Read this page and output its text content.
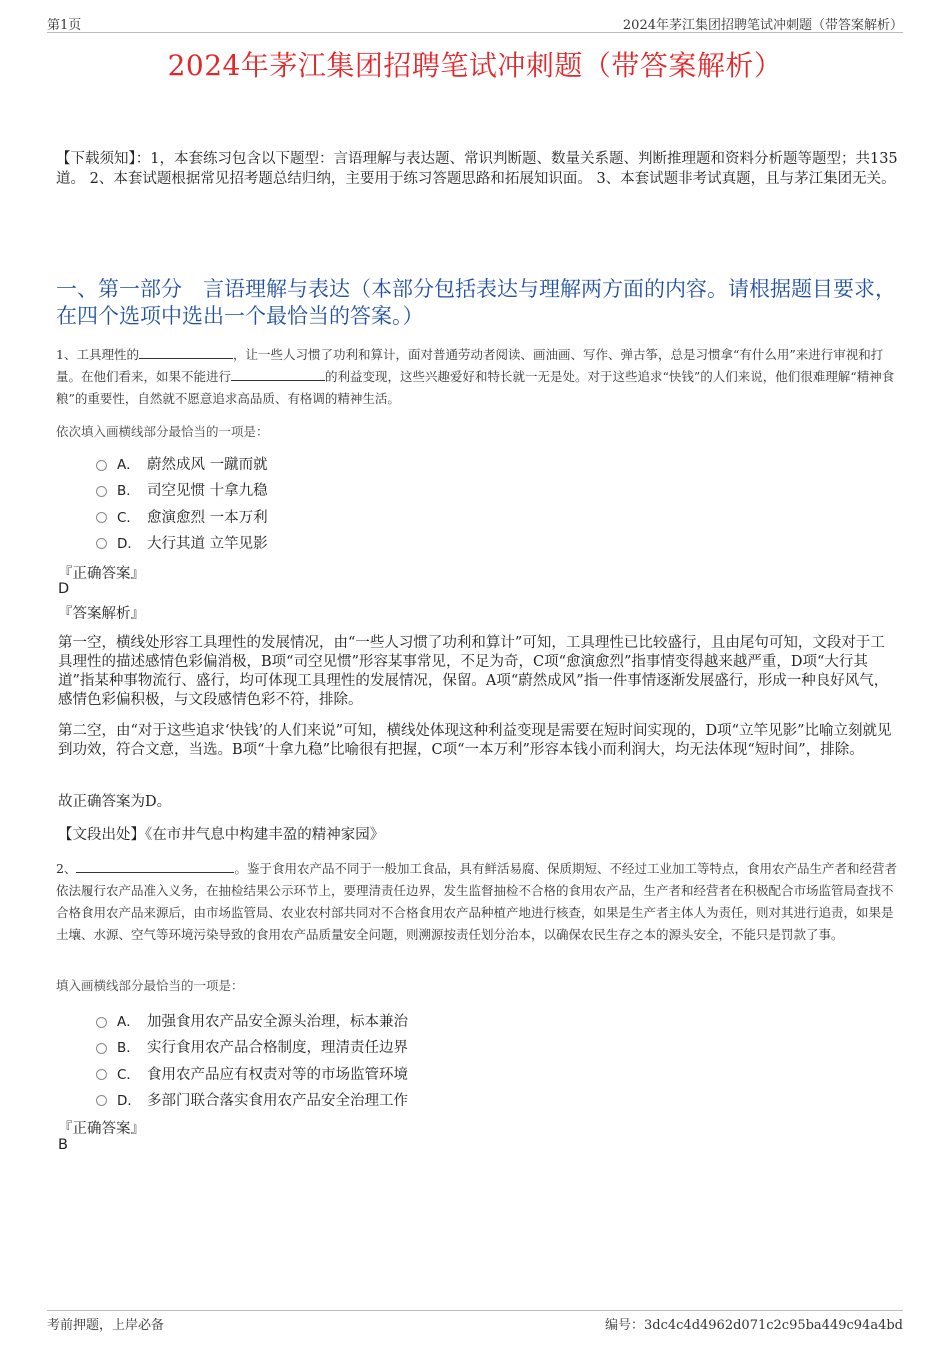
第1页	2024年茅江集团招聘笔试冲刺题（带答案解析）
2024年茅江集团招聘笔试冲刺题（带答案解析）
【下载须知】：1，本套练习包含以下题型：言语理解与表达题、常识判断题、数量关系题、判断推理题和资料分析题等题型；共135道。 2、本套试题根据常见招考题总结归纳，主要用于练习答题思路和拓展知识面。 3、本套试题非考试真题，且与茅江集团无关。
一、第一部分　言语理解与表达（本部分包括表达与理解两方面的内容。请根据题目要求，在四个选项中选出一个最恰当的答案。）
1、工具理性的	，让一些人习惯了功利和算计，面对普通劳动者阅读、画油画、写作、弹古筝，总是习惯拿“有什么用”来进行审视和打量。在他们看来，如果不能进行	的利益变现，这些兴趣爱好和特长就一无是处。对于这些追求“快钱”的人们来说，他们很难理解“精神食粮”的重要性，自然就不愿意追求高品质、有格调的精神生活。
依次填入画横线部分最恰当的一项是：
A． 蔚然成风 一蹴而就
B． 司空见惯 十拿九稳
C． 愈演愈烈 一本万利
D． 大行其道 立竿见影
『正确答案』
D
『答案解析』
第一空，横线处形容工具理性的发展情况，由“一些人习惯了功利和算计”可知，工具理性已比较盛行，且由尾句可知，文段对于工具理性的描述感情色彩偏消极，B项“司空见惯”形容某事常见，不足为奇，C项“愈演愈烈”指事情变得越来越严重，D项“大行其道”指某种事物流行、盛行，均可体现工具理性的发展情况，保留。A项“蔚然成风”指一件事情逐渐发展盛行，形成一种良好风气，感情色彩偏积极，与文段感情色彩不符，排除。
第二空，由“对于这些追求‘快钱’的人们来说”可知，横线处体现这种利益变现是需要在短时间实现的，D项“立竿见影”比喻立刻就见到功效，符合文意，当选。B项“十拿九稳”比喻很有把握，C项“一本万利”形容本钱小而利润大，均无法体现“短时间”，排除。
故正确答案为D。
【文段出处】《在市井气息中构建丰盈的精神家园》
2、	。鉴于食用农产品不同于一般加工食品，具有鲜活易腐、保质期短、不经过工业加工等特点，食用农产品生产者和经营者依法履行农产品准入义务，在抽检结果公示环节上，要理清责任边界，发生监督抽检不合格的食用农产品，生产者和经营者在积极配合市场监管局查找不合格食用农产品来源后，由市场监管局、农业农村部共同对不合格食用农产品种植产地进行核查，如果是生产者主体人为责任，则对其进行追责，如果是土壤、水源、空气等环境污染导致的食用农产品质量安全问题，则溯源按责任划分治本，以确保农民生存之本的源头安全，不能只是罚款了事。
填入画横线部分最恰当的一项是：
A． 加强食用农产品安全源头治理，标本兼治
B． 实行食用农产品合格制度，理清责任边界
C． 食用农产品应有权责对等的市场监管环境
D． 多部门联合落实食用农产品安全治理工作
『正确答案』
B
考前押题，上岸必备	编号：3dc4c4d4962d071c2c95ba449c94a4bd
